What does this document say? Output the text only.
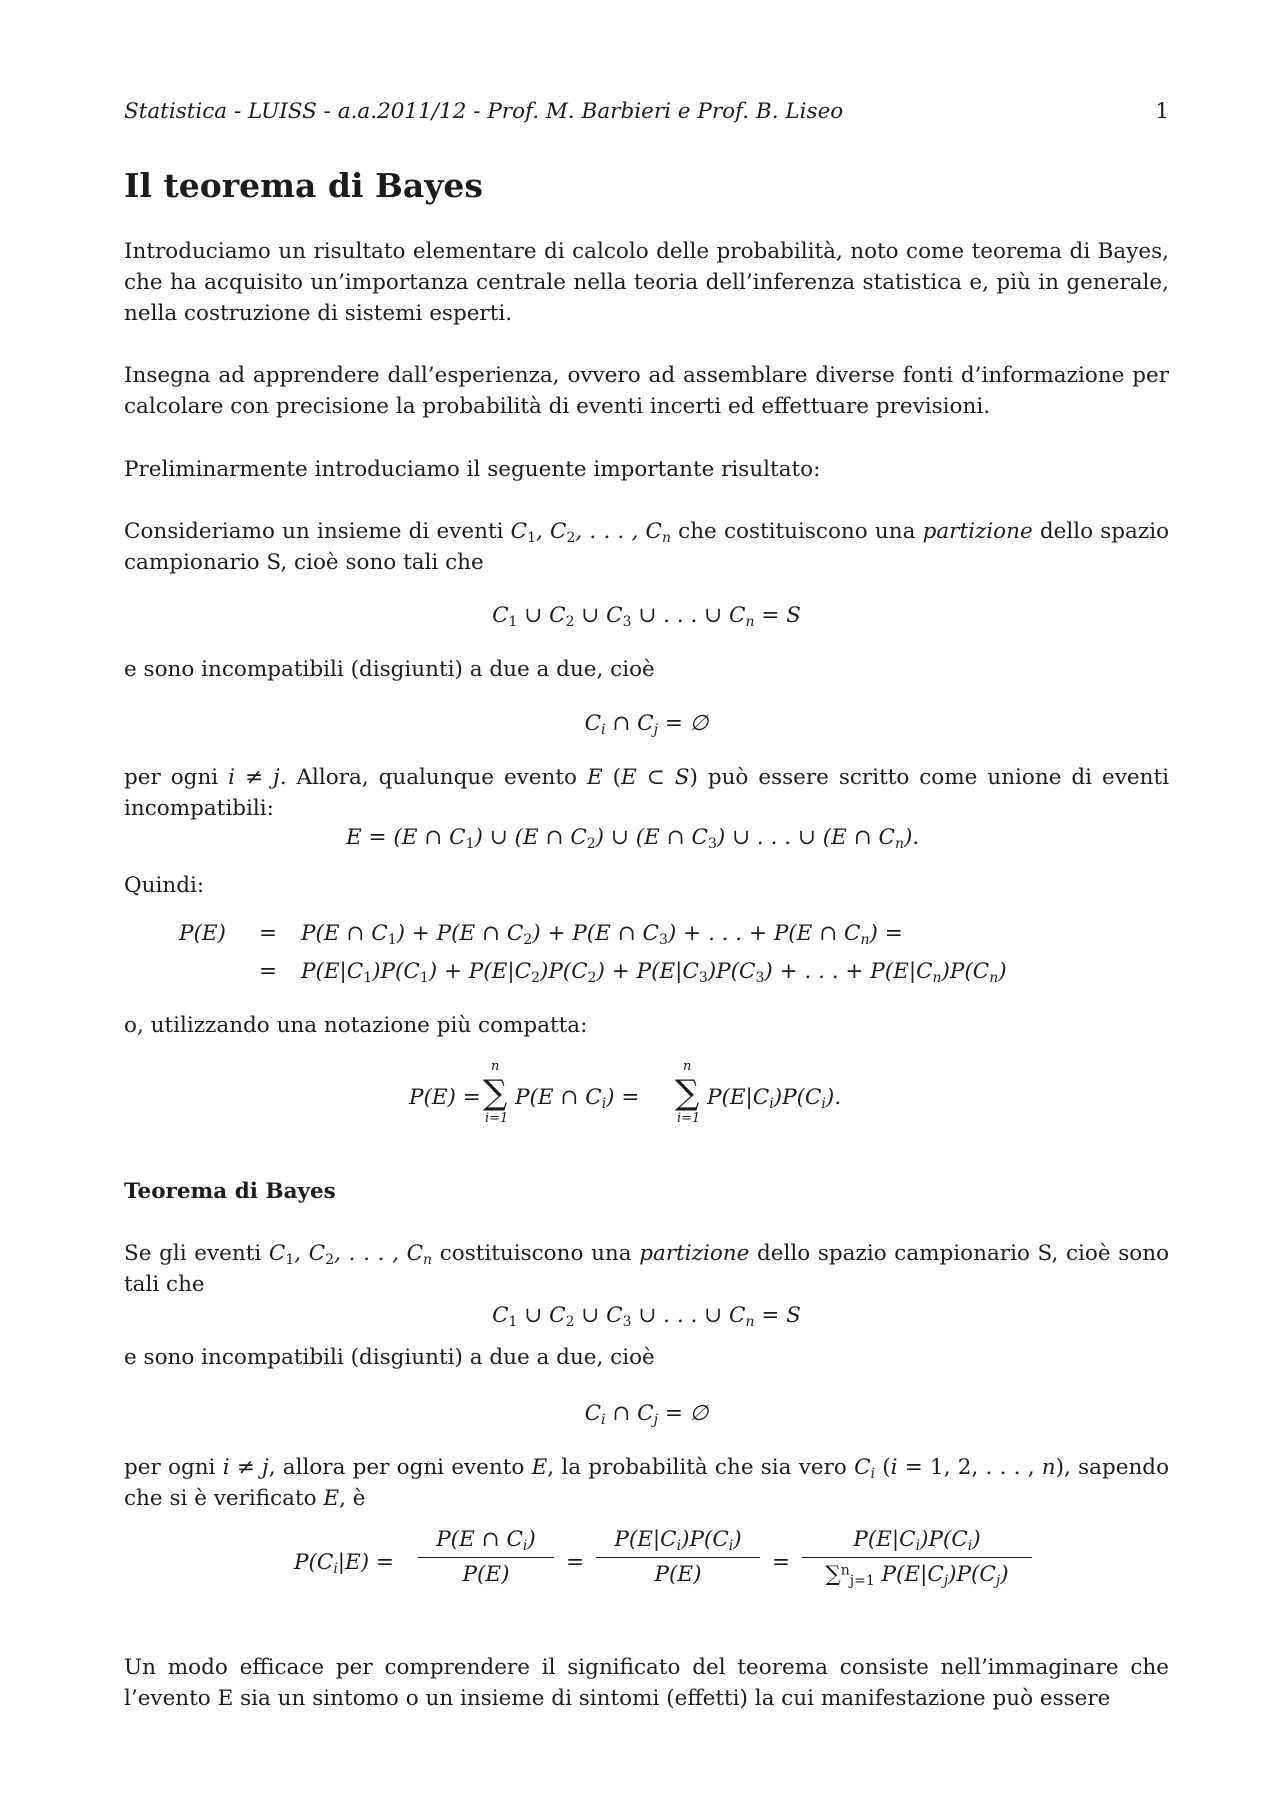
Statistica - LUISS - a.a.2011/12 - Prof. M. Barbieri e Prof. B. Liseo	1
Il teorema di Bayes
Introduciamo un risultato elementare di calcolo delle probabilità, noto come teorema di Bayes, che ha acquisito un’importanza centrale nella teoria dell’inferenza statistica e, più in generale, nella costruzione di sistemi esperti.
Insegna ad apprendere dall’esperienza, ovvero ad assemblare diverse fonti d’informazione per calcolare con precisione la probabilità di eventi incerti ed effettuare previsioni.
Preliminarmente introduciamo il seguente importante risultato:
Consideriamo un insieme di eventi $C_1$, $C_2$, . . . , $C_n$ che costituiscono una partizione dello spazio campionario S, cioè sono tali che
$C_1$ ∪ $C_2$ ∪ $C_3$ ∪ . . . ∪ $C_n = S$
e sono incompatibili (disgiunti) a due a due, cioè
$C_i$ ∩ $C_j$ = ∅
per ogni i ≠ j. Allora, qualunque evento E (E ⊂ S) può essere scritto come unione di eventi incompatibili:
E = (E ∩ $C_1$) ∪ (E ∩ $C_2$) ∪ (E ∩ $C_3$) ∪ . . . ∪ (E ∩ $C_n$).
Quindi:
P(E) = P(E ∩ $C_1) + P(E$ ∩ $C_2) + P(E$ ∩ $C_3$) + . . . + P(E ∩ $C_n$) =
= $P(E|C_1)P(C_1) + P(E|C_2)P(C_2) + P(E|C_3)P(C_3)$ + . . . + $P(E|C_n)P(C_n)$
o, utilizzando una notazione più compatta:
P(E) =
n
∑
i=1
P(E ∩ $C_i$) =
n
∑
i=1
$P(E|C_i)P(C_i)$.
Teorema di Bayes
Se gli eventi $C_1$, $C_2$, . . . , $C_n$ costituiscono una partizione dello spazio campionario S, cioè sono tali che
$C_1$ ∪ $C_2$ ∪ $C_3$ ∪ . . . ∪ $C_n = S$
e sono incompatibili (disgiunti) a due a due, cioè
$C_i$ ∩ $C_j$ = ∅
per ogni i ≠ j, allora per ogni evento E, la probabilità che sia vero $C_i$ (i = 1, 2, . . . , n), sapendo che si è verificato E, è
$P(C_i|E) = \frac{P(E \cap C_i)}{P(E)} = \frac{P(E|C_i)P(C_i)}{P(E)} = \frac{P(E|C_i)P(C_i)}{\sum^n_{j=1} P(E|C_j)P(C_j)}$
Un modo efficace per comprendere il significato del teorema consiste nell’immaginare che l’evento E sia un sintomo o un insieme di sintomi (effetti) la cui manifestazione può essere
